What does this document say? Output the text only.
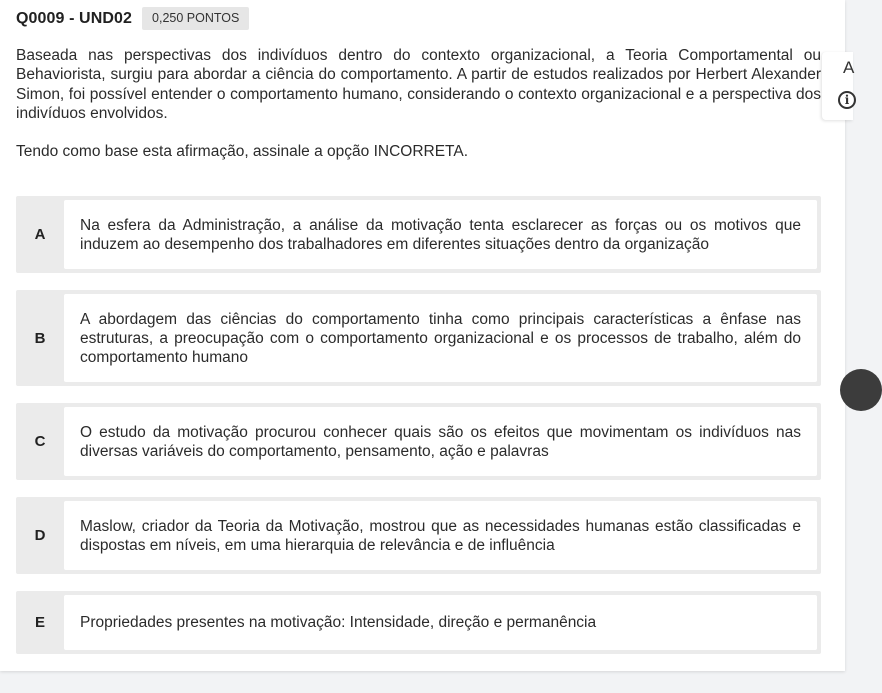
Q0009 - UND02	0,250 PONTOS

Baseada nas perspectivas dos indivíduos dentro do contexto organizacional, a Teoria Comportamental ou Behaviorista, surgiu para abordar a ciência do comportamento. A partir de estudos realizados por Herbert Alexander Simon, foi possível entender o comportamento humano, considerando o contexto organizacional e a perspectiva dos indivíduos envolvidos.

Tendo como base esta afirmação, assinale a opção INCORRETA.

A
Na esfera da Administração, a análise da motivação tenta esclarecer as forças ou os motivos que induzem ao desempenho dos trabalhadores em diferentes situações dentro da organização
B
A abordagem das ciências do comportamento tinha como principais características a ênfase nas estruturas, a preocupação com o comportamento organizacional e os processos de trabalho, além do comportamento humano
C
O estudo da motivação procurou conhecer quais são os efeitos que movimentam os indivíduos nas diversas variáveis do comportamento, pensamento, ação e palavras
D
Maslow, criador da Teoria da Motivação, mostrou que as necessidades humanas estão classificadas e dispostas em níveis, em uma hierarquia de relevância e de influência
E	Propriedades presentes na motivação: Intensidade, direção e permanência
A
i
